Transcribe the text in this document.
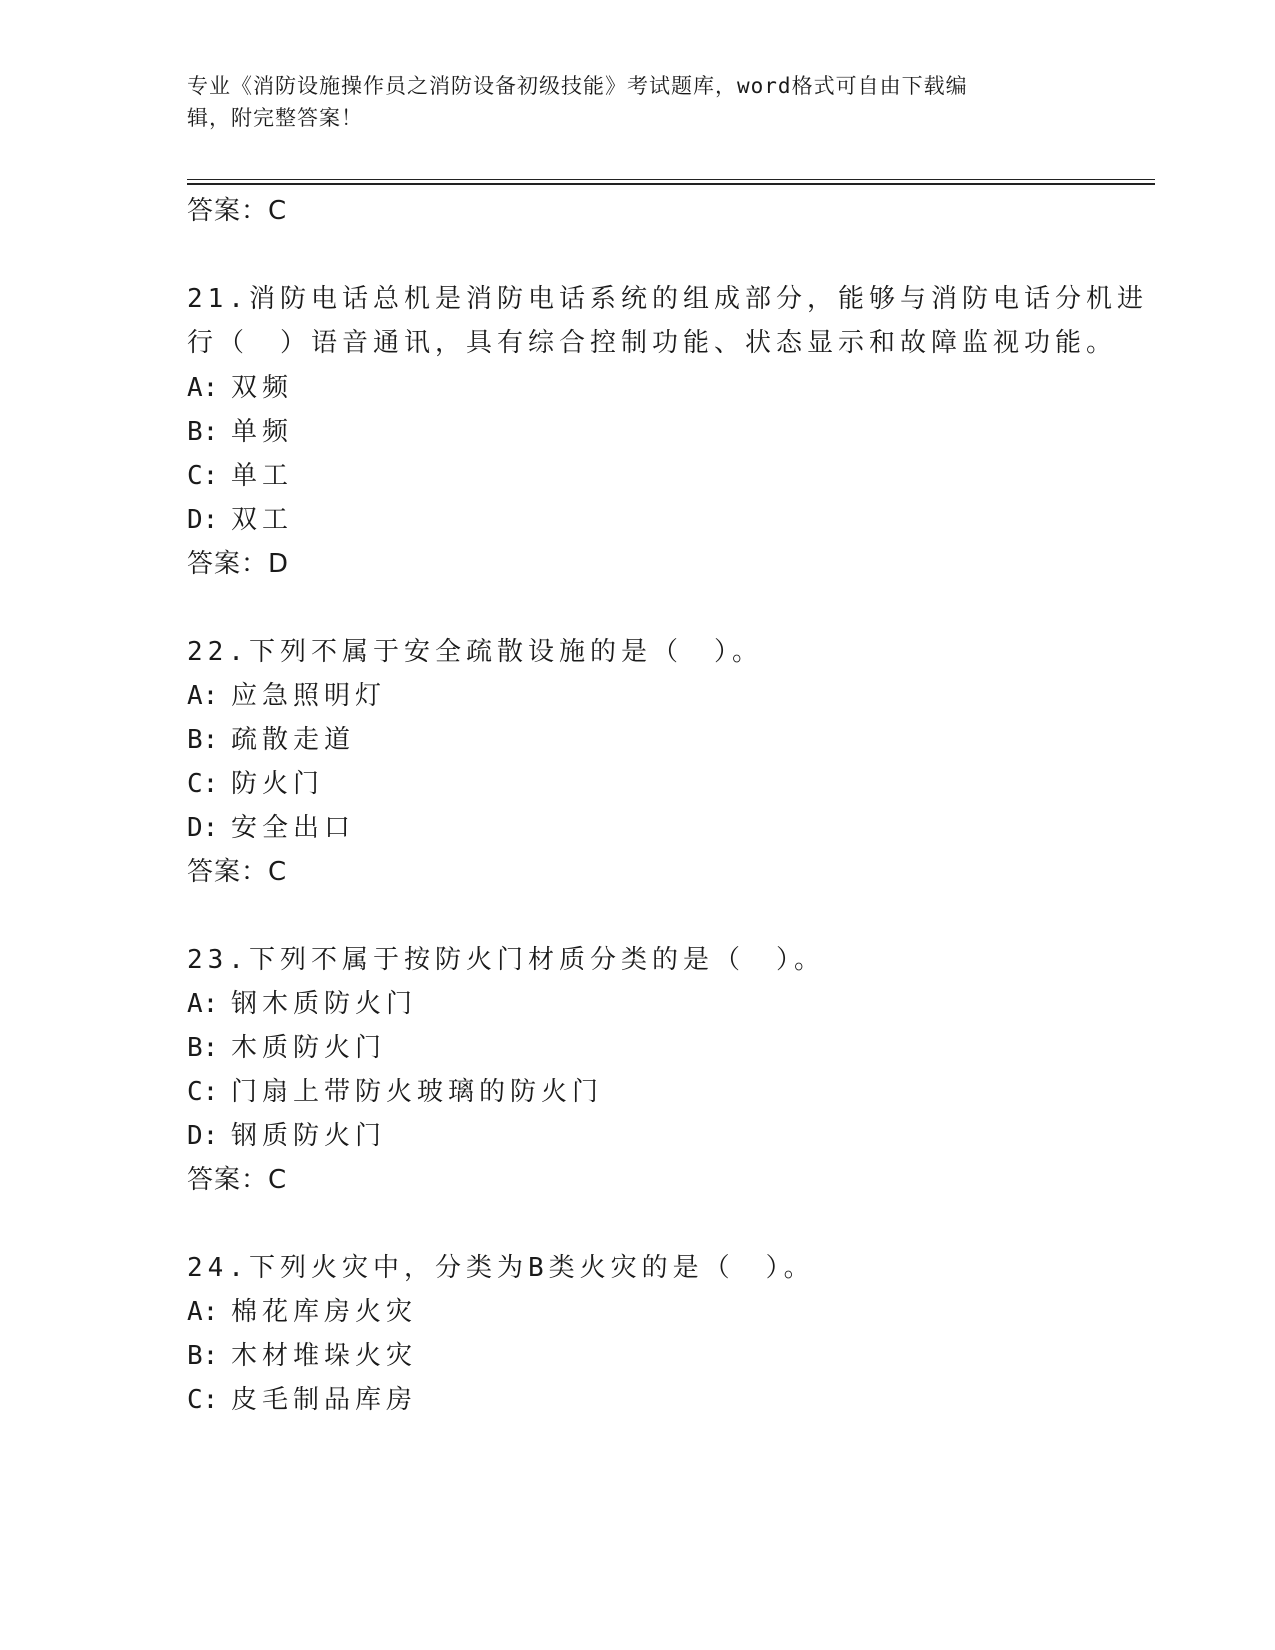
专业《消防设施操作员之消防设备初级技能》考试题库，word格式可自由下载编
辑，附完整答案！
答案：C
21.消防电话总机是消防电话系统的组成部分，能够与消防电话分机进
行（　）语音通讯，具有综合控制功能、状态显示和故障监视功能。
A: 双频
B: 单频
C: 单工
D: 双工
答案：D
22.下列不属于安全疏散设施的是（　）。
A: 应急照明灯
B: 疏散走道
C: 防火门
D: 安全出口
答案：C
23.下列不属于按防火门材质分类的是（　）。
A: 钢木质防火门
B: 木质防火门
C: 门扇上带防火玻璃的防火门
D: 钢质防火门
答案：C
24.下列火灾中，分类为B类火灾的是（　）。
A: 棉花库房火灾
B: 木材堆垛火灾
C: 皮毛制品库房
